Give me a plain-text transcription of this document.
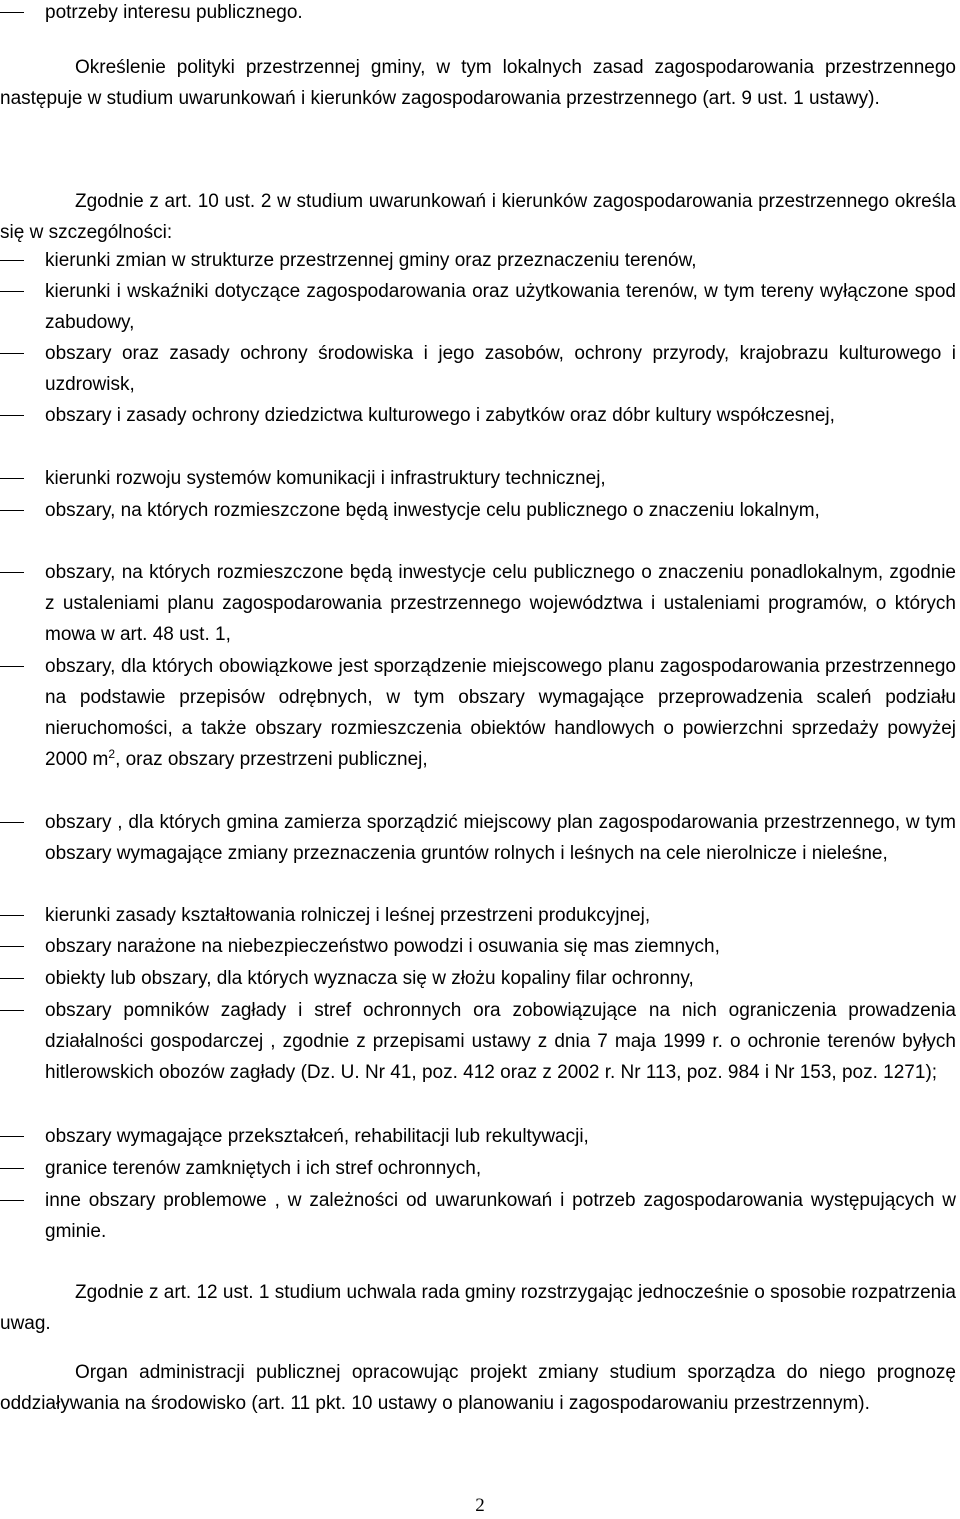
potrzeby interesu publicznego.

Określenie polityki przestrzennej gminy, w tym lokalnych zasad zagospodarowania przestrzennego następuje w studium uwarunkowań i kierunków zagospodarowania przestrzennego (art. 9 ust. 1 ustawy).

Zgodnie z art. 10 ust. 2 w studium uwarunkowań i kierunków zagospodarowania przestrzennego określa się w szczególności:

kierunki zmian w strukturze przestrzennej gminy oraz przeznaczeniu terenów,
kierunki i wskaźniki dotyczące zagospodarowania oraz użytkowania terenów, w tym tereny wyłączone spod zabudowy,
obszary oraz zasady ochrony środowiska i jego zasobów, ochrony przyrody, krajobrazu kulturowego i uzdrowisk,
obszary i zasady ochrony dziedzictwa kulturowego i zabytków oraz dóbr kultury współczesnej,
kierunki rozwoju systemów komunikacji i infrastruktury technicznej,
obszary, na których rozmieszczone będą inwestycje celu publicznego o znaczeniu lokalnym,
obszary, na których rozmieszczone będą inwestycje celu publicznego o znaczeniu ponadlokalnym, zgodnie z ustaleniami planu zagospodarowania przestrzennego województwa i ustaleniami programów, o których mowa w art. 48 ust. 1,
obszary, dla których obowiązkowe jest sporządzenie miejscowego planu zagospodarowania przestrzennego na podstawie przepisów odrębnych, w tym obszary wymagające przeprowadzenia scaleń podziału nieruchomości, a także obszary rozmieszczenia obiektów handlowych o powierzchni sprzedaży powyżej 2000 $m^2$, oraz obszary przestrzeni publicznej,
obszary , dla których gmina zamierza sporządzić miejscowy plan zagospodarowania przestrzennego, w tym obszary wymagające zmiany przeznaczenia gruntów rolnych i leśnych na cele nierolnicze i nieleśne,
kierunki zasady kształtowania rolniczej i leśnej przestrzeni produkcyjnej,
obszary narażone na niebezpieczeństwo powodzi i osuwania się mas ziemnych,
obiekty lub obszary, dla których wyznacza się w złożu kopaliny filar ochronny,
obszary pomników zagłady i stref ochronnych ora zobowiązujące na nich ograniczenia prowadzenia działalności gospodarczej , zgodnie z przepisami ustawy z dnia 7 maja 1999 r. o ochronie terenów byłych hitlerowskich obozów zagłady (Dz. U. Nr 41, poz. 412 oraz z 2002 r. Nr 113, poz. 984 i Nr 153, poz. 1271);
obszary wymagające przekształceń, rehabilitacji lub rekultywacji,
granice terenów zamkniętych i ich stref ochronnych,
inne obszary problemowe , w zależności od uwarunkowań i potrzeb zagospodarowania występujących w gminie.

Zgodnie z art. 12 ust. 1 studium uchwala rada gminy rozstrzygając jednocześnie o sposobie rozpatrzenia uwag.

Organ administracji publicznej opracowując projekt zmiany studium sporządza do niego prognozę oddziaływania na środowisko (art. 11 pkt. 10 ustawy o planowaniu i zagospodarowaniu przestrzennym).

2
